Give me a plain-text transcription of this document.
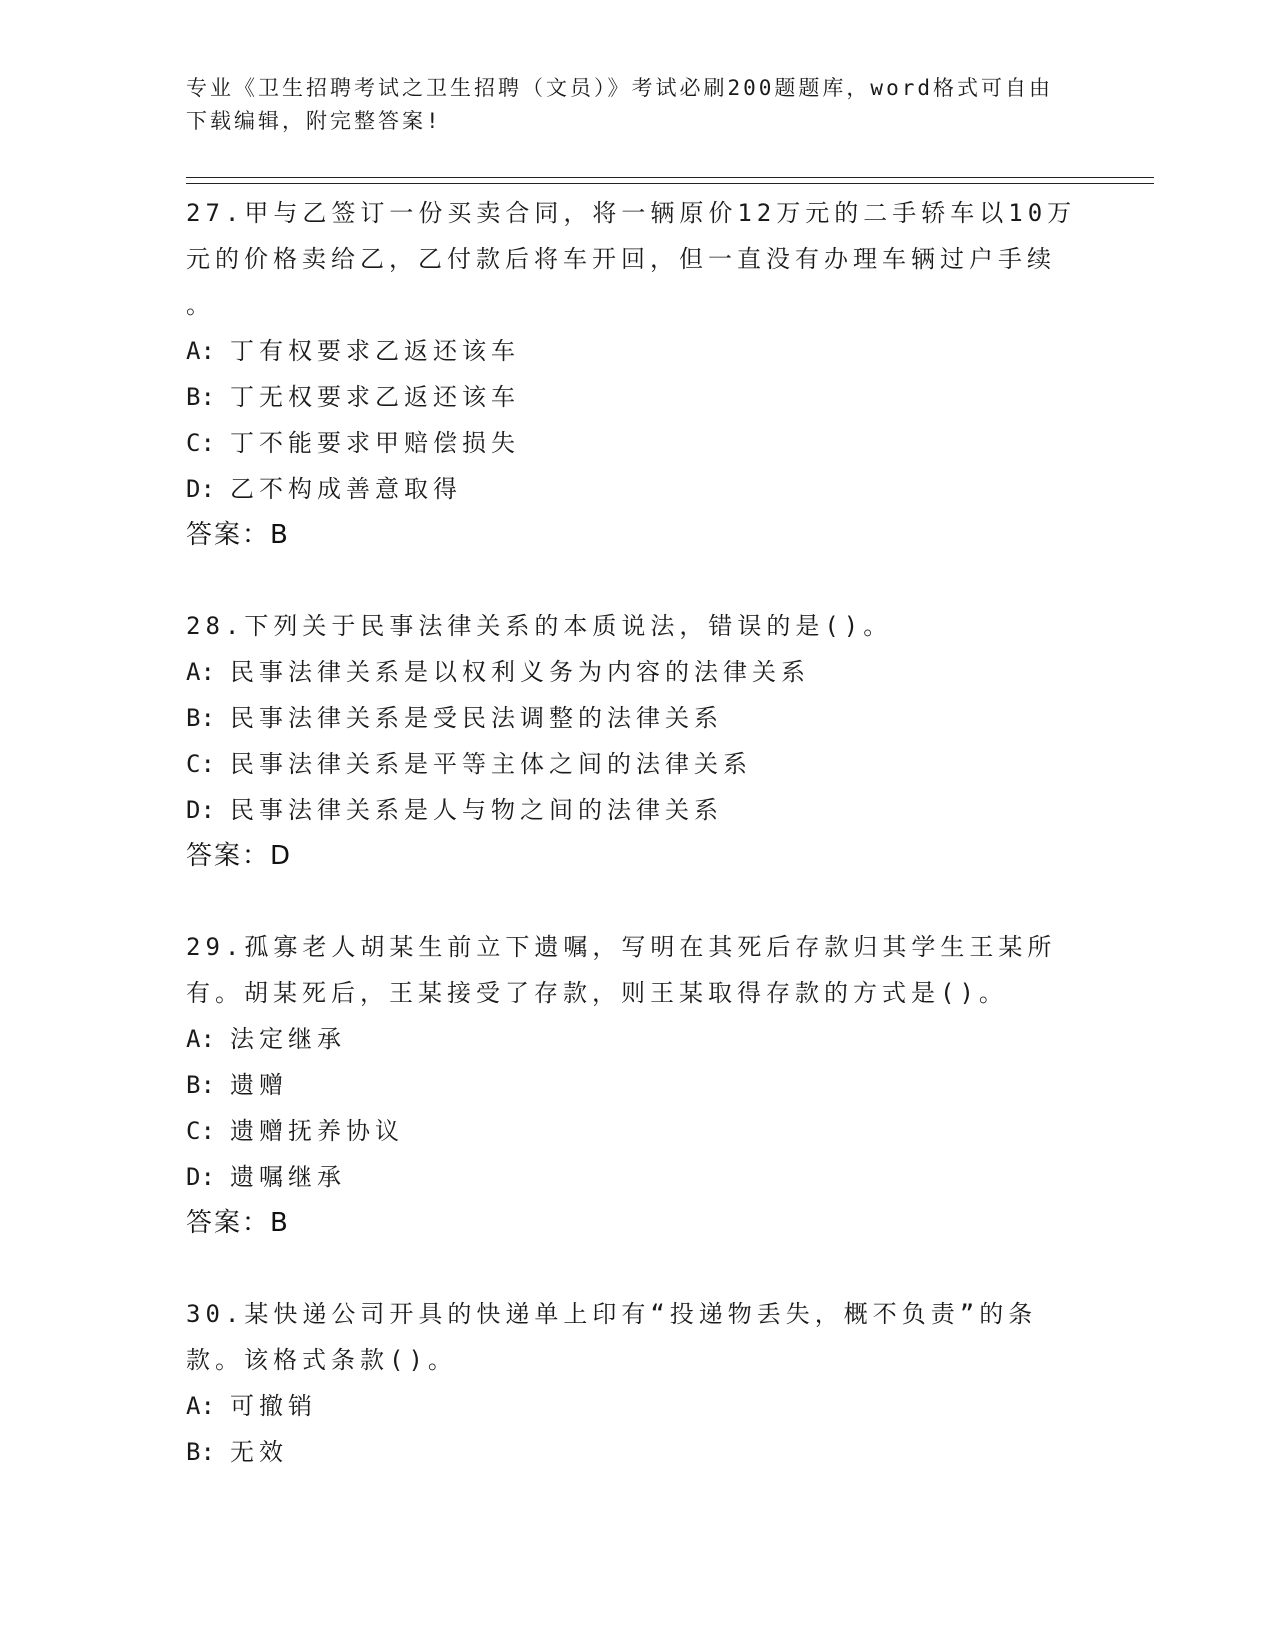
专业《卫生招聘考试之卫生招聘（文员）》考试必刷200题题库，word格式可自由下载编辑，附完整答案!
27.甲与乙签订一份买卖合同，将一辆原价12万元的二手轿车以10万元的价格卖给乙，乙付款后将车开回，但一直没有办理车辆过户手续
。
A: 丁有权要求乙返还该车
B: 丁无权要求乙返还该车
C: 丁不能要求甲赔偿损失
D: 乙不构成善意取得
答案：B
28.下列关于民事法律关系的本质说法，错误的是()。
A: 民事法律关系是以权利义务为内容的法律关系
B: 民事法律关系是受民法调整的法律关系
C: 民事法律关系是平等主体之间的法律关系
D: 民事法律关系是人与物之间的法律关系
答案：D
29.孤寡老人胡某生前立下遗嘱，写明在其死后存款归其学生王某所有。胡某死后，王某接受了存款，则王某取得存款的方式是()。
A: 法定继承
B: 遗赠
C: 遗赠抚养协议
D: 遗嘱继承
答案：B
30.某快递公司开具的快递单上印有“投递物丢失，概不负责”的条款。该格式条款()。
A: 可撤销
B: 无效
